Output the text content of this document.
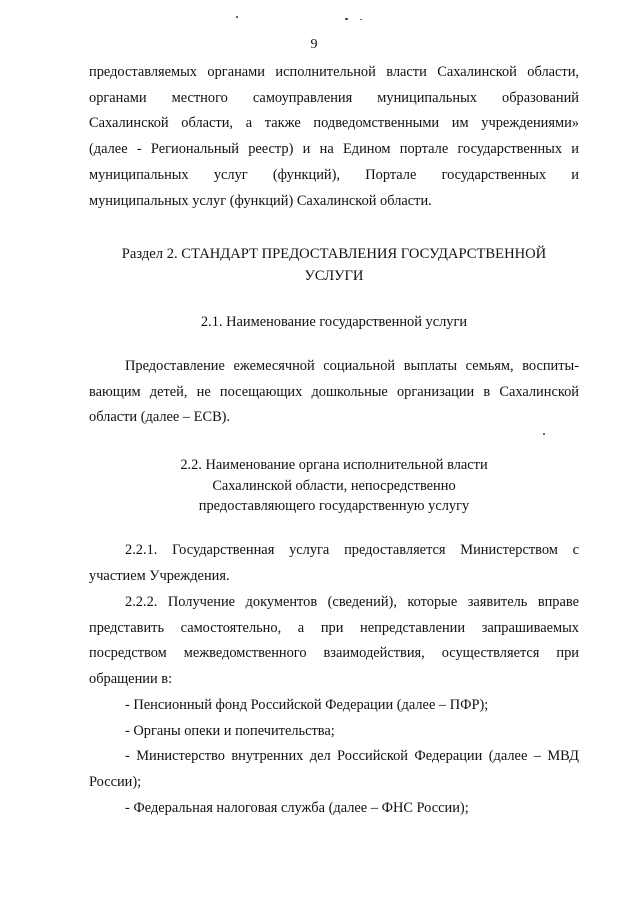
9
предоставляемых органами исполнительной власти Сахалинской области,
органами местного самоуправления муниципальных образований
Сахалинской области, а также подведомственными им учреждениями»
(далее - Региональный реестр) и на Едином портале государственных и
муниципальных услуг (функций), Портале государственных и
муниципальных услуг (функций) Сахалинской области.
Раздел 2. СТАНДАРТ ПРЕДОСТАВЛЕНИЯ ГОСУДАРСТВЕННОЙ
УСЛУГИ
2.1. Наименование государственной услуги
Предоставление ежемесячной социальной выплаты семьям, воспиты-
вающим детей, не посещающих дошкольные организации в Сахалинской
области (далее – ЕСВ).
2.2. Наименование органа исполнительной власти
Сахалинской области, непосредственно
предоставляющего государственную услугу
2.2.1. Государственная услуга предоставляется Министерством с
участием Учреждения.
2.2.2. Получение документов (сведений), которые заявитель вправе
представить самостоятельно, а при непредставлении запрашиваемых
посредством межведомственного взаимодействия, осуществляется при
обращении в:
- Пенсионный фонд Российской Федерации (далее – ПФР);
- Органы опеки и попечительства;
- Министерство внутренних дел Российской Федерации (далее – МВД
России);
- Федеральная налоговая служба (далее – ФНС России);
